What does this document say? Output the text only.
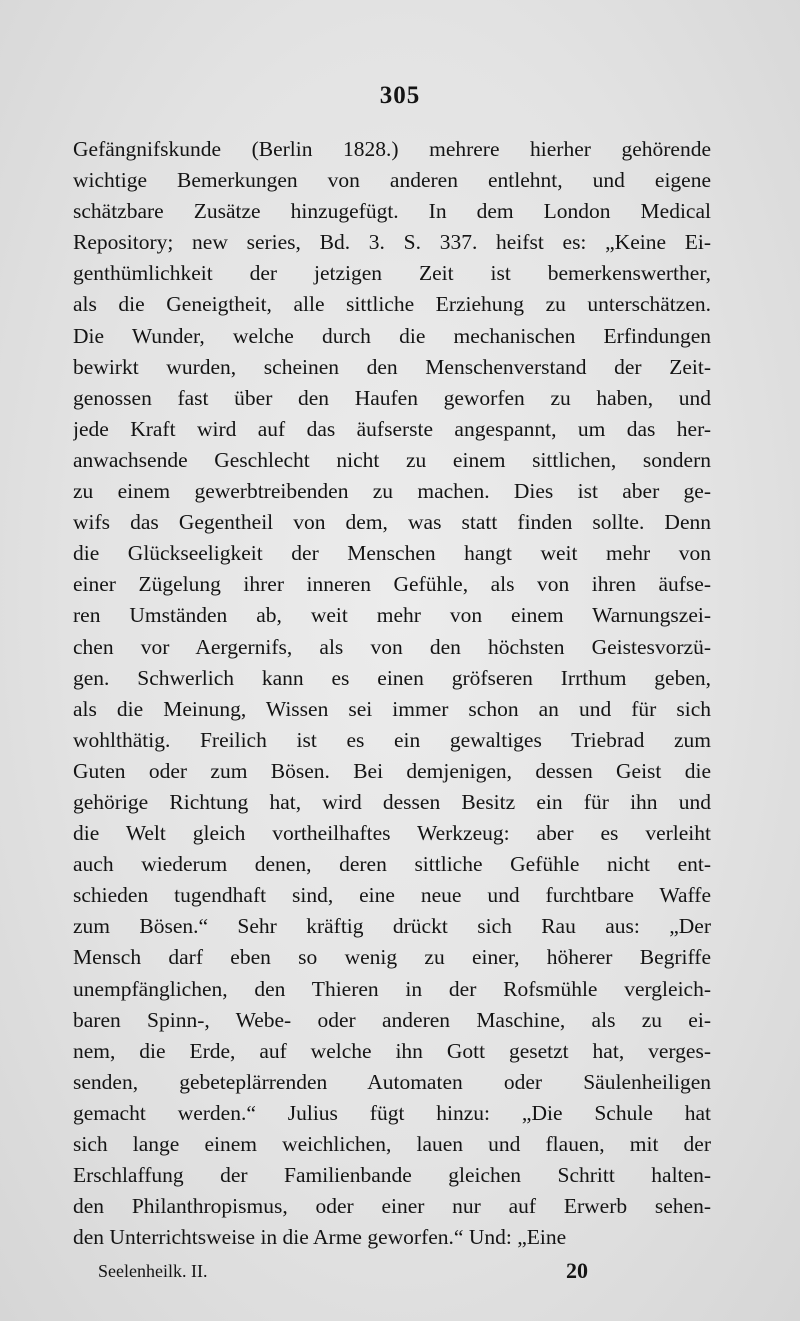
305
Gefängnifskunde (Berlin 1828.) mehrere hierher gehörende
wichtige Bemerkungen von anderen entlehnt, und eigene
schätzbare Zusätze hinzugefügt. In dem London Medical
Repository; new series, Bd. 3. S. 337. heifst es: „Keine Ei-
genthümlichkeit der jetzigen Zeit ist bemerkenswerther,
als die Geneigtheit, alle sittliche Erziehung zu unterschätzen.
Die Wunder, welche durch die mechanischen Erfindungen
bewirkt wurden, scheinen den Menschenverstand der Zeit-
genossen fast über den Haufen geworfen zu haben, und
jede Kraft wird auf das äufserste angespannt, um das her-
anwachsende Geschlecht nicht zu einem sittlichen, sondern
zu einem gewerbtreibenden zu machen. Dies ist aber ge-
wifs das Gegentheil von dem, was statt finden sollte. Denn
die Glückseeligkeit der Menschen hangt weit mehr von
einer Zügelung ihrer inneren Gefühle, als von ihren äufse-
ren Umständen ab, weit mehr von einem Warnungszei-
chen vor Aergernifs, als von den höchsten Geistesvorzü-
gen. Schwerlich kann es einen gröfseren Irrthum geben,
als die Meinung, Wissen sei immer schon an und für sich
wohlthätig. Freilich ist es ein gewaltiges Triebrad zum
Guten oder zum Bösen. Bei demjenigen, dessen Geist die
gehörige Richtung hat, wird dessen Besitz ein für ihn und
die Welt gleich vortheilhaftes Werkzeug: aber es verleiht
auch wiederum denen, deren sittliche Gefühle nicht ent-
schieden tugendhaft sind, eine neue und furchtbare Waffe
zum Bösen.“ Sehr kräftig drückt sich Rau aus: „Der
Mensch darf eben so wenig zu einer, höherer Begriffe
unempfänglichen, den Thieren in der Rofsmühle vergleich-
baren Spinn-, Webe- oder anderen Maschine, als zu ei-
nem, die Erde, auf welche ihn Gott gesetzt hat, verges-
senden, gebeteplärrenden Automaten oder Säulenheiligen
gemacht werden.“ Julius fügt hinzu: „Die Schule hat
sich lange einem weichlichen, lauen und flauen, mit der
Erschlaffung der Familienbande gleichen Schritt halten-
den Philanthropismus, oder einer nur auf Erwerb sehen-
den Unterrichtsweise in die Arme geworfen.“ Und: „Eine
Seelenheilk. II.	20
